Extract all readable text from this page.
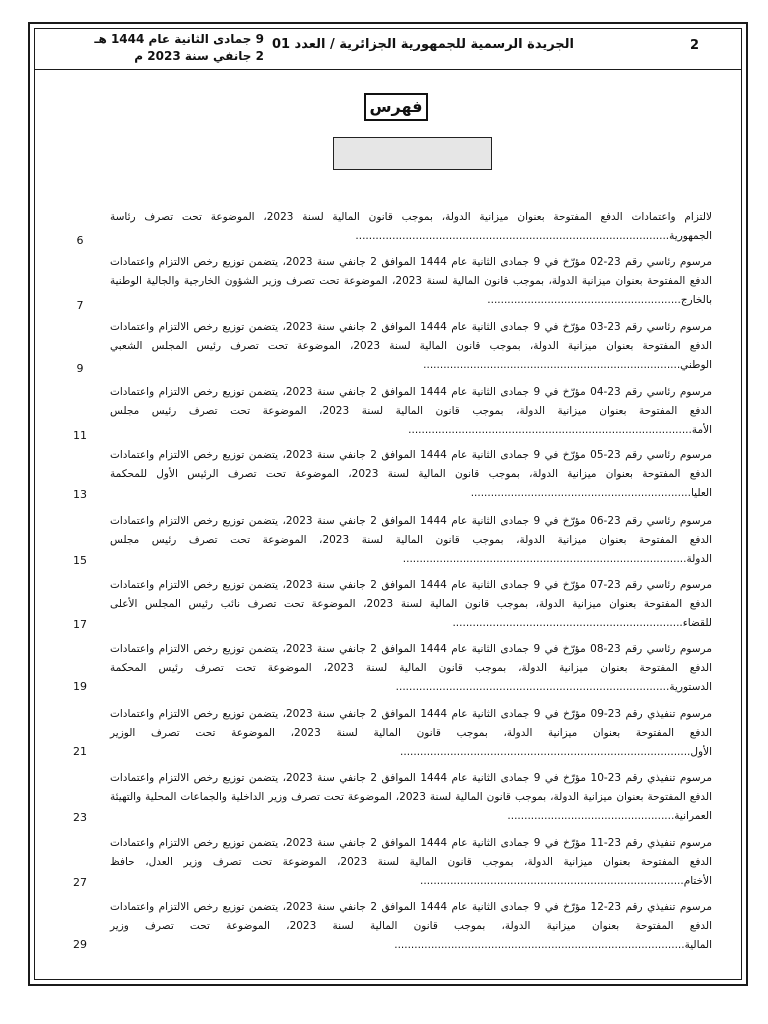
2
الجريدة الرسمية للجمهورية الجزائرية / العدد 01
9 جمادى الثانية عام 1444 هـ
2 جانفي سنة 2023 م
فهرس
لالتزام واعتمادات الدفع المفتوحة بعنوان ميزانية الدولة، بموجب قانون المالية لسنة 2023، الموضوعة تحت تصرف رئاسة الجمهورية..............................................................................................
6
مرسوم رئاسي رقم 23-02 مؤرّخ في 9 جمادى الثانية عام 1444 الموافق 2 جانفي سنة 2023، يتضمن توزيع رخص الالتزام واعتمادات الدفع المفتوحة بعنوان ميزانية الدولة، بموجب قانون المالية لسنة 2023، الموضوعة تحت تصرف وزير الشؤون الخارجية والجالية الوطنية بالخارج..........................................................
7
مرسوم رئاسي رقم 23-03 مؤرّخ في 9 جمادى الثانية عام 1444 الموافق 2 جانفي سنة 2023، يتضمن توزيع رخص الالتزام واعتمادات الدفع المفتوحة بعنوان ميزانية الدولة، بموجب قانون المالية لسنة 2023، الموضوعة تحت تصرف رئيس المجلس الشعبي الوطني.............................................................................
9
مرسوم رئاسي رقم 23-04 مؤرّخ في 9 جمادى الثانية عام 1444 الموافق 2 جانفي سنة 2023، يتضمن توزيع رخص الالتزام واعتمادات الدفع المفتوحة بعنوان ميزانية الدولة، بموجب قانون المالية لسنة 2023، الموضوعة تحت تصرف رئيس مجلس الأمة.....................................................................................
11
مرسوم رئاسي رقم 23-05 مؤرّخ في 9 جمادى الثانية عام 1444 الموافق 2 جانفي سنة 2023، يتضمن توزيع رخص الالتزام واعتمادات الدفع المفتوحة بعنوان ميزانية الدولة، بموجب قانون المالية لسنة 2023، الموضوعة تحت تصرف الرئيس الأول للمحكمة العليا..................................................................
13
مرسوم رئاسي رقم 23-06 مؤرّخ في 9 جمادى الثانية عام 1444 الموافق 2 جانفي سنة 2023، يتضمن توزيع رخص الالتزام واعتمادات الدفع المفتوحة بعنوان ميزانية الدولة، بموجب قانون المالية لسنة 2023، الموضوعة تحت تصرف رئيس مجلس الدولة.....................................................................................
15
مرسوم رئاسي رقم 23-07 مؤرّخ في 9 جمادى الثانية عام 1444 الموافق 2 جانفي سنة 2023، يتضمن توزيع رخص الالتزام واعتمادات الدفع المفتوحة بعنوان ميزانية الدولة، بموجب قانون المالية لسنة 2023، الموضوعة تحت تصرف نائب رئيس المجلس الأعلى للقضاء.....................................................................
17
مرسوم رئاسي رقم 23-08 مؤرّخ في 9 جمادى الثانية عام 1444 الموافق 2 جانفي سنة 2023، يتضمن توزيع رخص الالتزام واعتمادات الدفع المفتوحة بعنوان ميزانية الدولة، بموجب قانون المالية لسنة 2023، الموضوعة تحت تصرف رئيس المحكمة الدستورية..................................................................................
19
مرسوم تنفيذي رقم 23-09 مؤرّخ في 9 جمادى الثانية عام 1444 الموافق 2 جانفي سنة 2023، يتضمن توزيع رخص الالتزام واعتمادات الدفع المفتوحة بعنوان ميزانية الدولة، بموجب قانون المالية لسنة 2023، الموضوعة تحت تصرف الوزير الأول.......................................................................................
21
مرسوم تنفيذي رقم 23-10 مؤرّخ في 9 جمادى الثانية عام 1444 الموافق 2 جانفي سنة 2023، يتضمن توزيع رخص الالتزام واعتمادات الدفع المفتوحة بعنوان ميزانية الدولة، بموجب قانون المالية لسنة 2023، الموضوعة تحت تصرف وزير الداخلية والجماعات المحلية والتهيئة العمرانية..................................................
23
مرسوم تنفيذي رقم 23-11 مؤرّخ في 9 جمادى الثانية عام 1444 الموافق 2 جانفي سنة 2023، يتضمن توزيع رخص الالتزام واعتمادات الدفع المفتوحة بعنوان ميزانية الدولة، بموجب قانون المالية لسنة 2023، الموضوعة تحت تصرف وزير العدل، حافظ الأختام...............................................................................
27
مرسوم تنفيذي رقم 23-12 مؤرّخ في 9 جمادى الثانية عام 1444 الموافق 2 جانفي سنة 2023، يتضمن توزيع رخص الالتزام واعتمادات الدفع المفتوحة بعنوان ميزانية الدولة، بموجب قانون المالية لسنة 2023، الموضوعة تحت تصرف وزير المالية.......................................................................................
29
